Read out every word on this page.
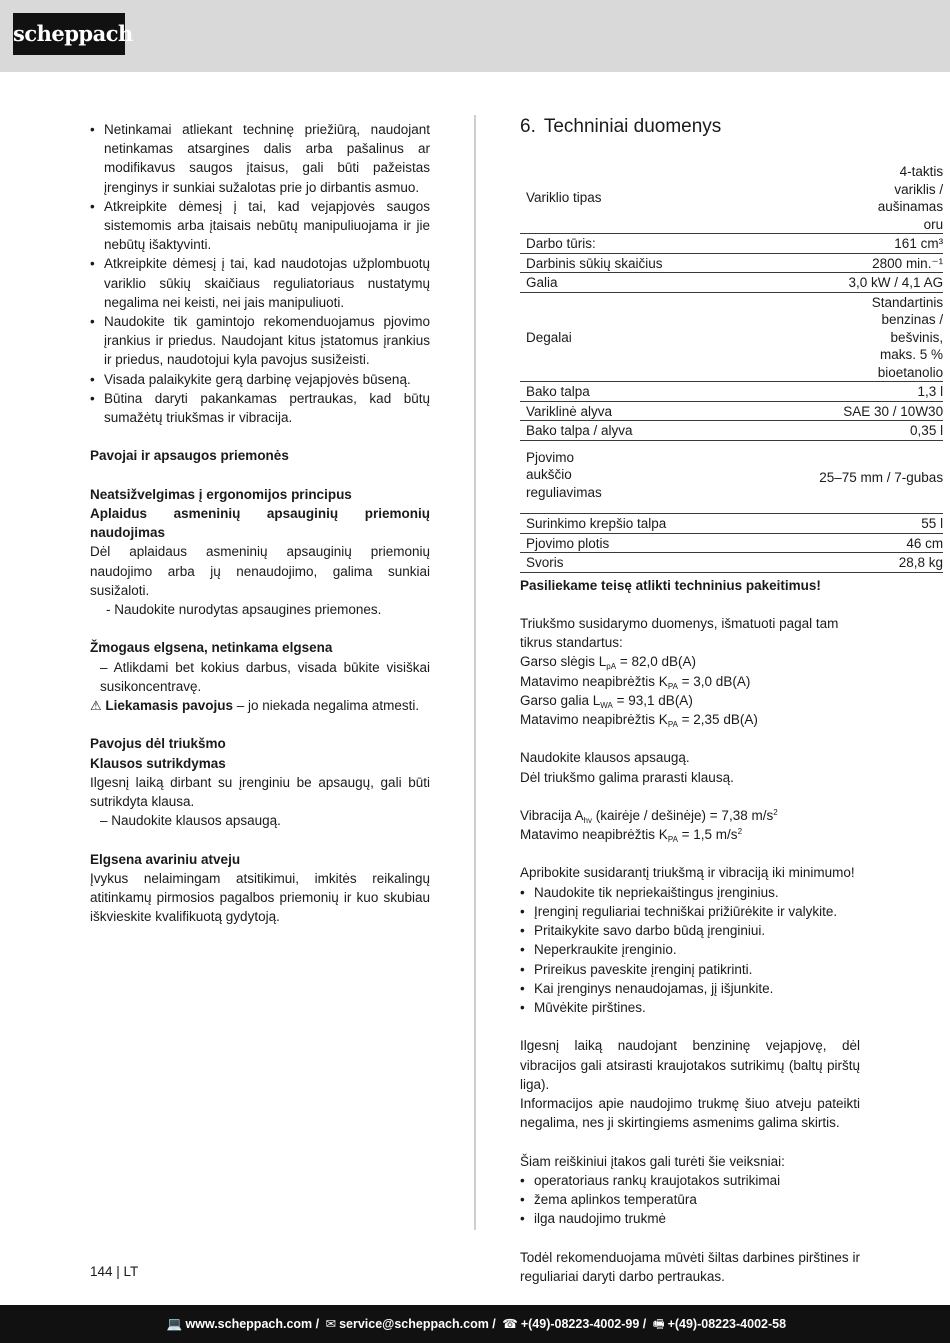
scheppach
• Netinkamai atliekant techninę priežiūrą, naudojant netinkamas atsargines dalis arba pašalinus ar modifikavus saugos įtaisus, gali būti pažeistas įrenginys ir sunkiai sužalotas prie jo dirbantis asmuo.
• Atkreipkite dėmesį į tai, kad vejapjovės saugos sistemomis arba įtaisais nebūtų manipuliuojama ir jie nebūtų išaktyvinti.
• Atkreipkite dėmesį į tai, kad naudotojas užplombuotų variklio sūkių skaičiaus reguliatoriaus nustatymų negalima nei keisti, nei jais manipuliuoti.
• Naudokite tik gamintojo rekomenduojamus pjovimo įrankius ir priedus. Naudojant kitus įstatomus įrankius ir priedus, naudotojui kyla pavojus susižeisti.
• Visada palaikykite gerą darbinę vejapjovės būseną.
• Būtina daryti pakankamas pertraukas, kad būtų sumažėtų triukšmas ir vibracija.

Pavojai ir apsaugos priemonės

Neatsižvelgimas į ergonomijos principus

Aplaidus asmeninių apsauginių priemonių naudojimas

Dėl aplaidaus asmeninių apsauginių priemonių naudojimo arba jų nenaudojimo, galima sunkiai susižaloti.

- Naudokite nurodytas apsaugines priemones.

Žmogaus elgsena, netinkama elgsena

– Atlikdami bet kokius darbus, visada būkite visiškai susikoncentravę.

⚠ Liekamasis pavojus – jo niekada negalima atmesti.

Pavojus dėl triukšmo

Klausos sutrikdymas

Ilgesnį laiką dirbant su įrenginiu be apsaugų, gali būti sutrikdyta klausa.

– Naudokite klausos apsaugą.

Elgsena avariniu atveju

Įvykus nelaimingam atsitikimui, imkitės reikalingų atitinkamų pirmosios pagalbos priemonių ir kuo skubiau iškvieskite kvalifikuotą gydytoją.

6. Techniniai duomenys
Variklio tipas	4-taktis variklis / aušinamas oru
Darbo tūris:	161 cm³
Darbinis sūkių skaičius	2800 min.⁻¹
Galia	3,0 kW / 4,1 AG
Degalai	Standartinis benzinas / bešvinis, maks. 5 % bioetanolio
Bako talpa	1,3 l
Variklinė alyva	SAE 30 / 10W30
Bako talpa / alyva	0,35 l
Pjovimo aukščio reguliavimas	25–75 mm / 7-gubas
Surinkimo krepšio talpa	55 l
Pjovimo plotis	46 cm
Svoris	28,8 kg

Pasiliekame teisę atlikti techninius pakeitimus!

Triukšmo susidarymo duomenys, išmatuoti pagal tam tikrus standartus:

Garso slėgis $L_{pA} = 82,0$ dB(A)

Matavimo neapibrėžtis $K_{PA} = 3,0$ dB(A)

Garso galia $L_{WA} = 93,1$ dB(A)

Matavimo neapibrėžtis $K_{PA} = 2,35$ dB(A)

Naudokite klausos apsaugą.

Dėl triukšmo galima prarasti klausą.

Vibracija $A_{hv}$ (kairėje / dešinėje) = 7,38 $m/s^2$

Matavimo neapibrėžtis $K_{PA} = 1,5$ $m/s^2$

Apribokite susidarantį triukšmą ir vibraciją iki minimumo!

• Naudokite tik nepriekaištingus įrenginius.
• Įrenginį reguliariai techniškai prižiūrėkite ir valykite.
• Pritaikykite savo darbo būdą įrenginiui.
• Neperkraukite įrenginio.
• Prireikus paveskite įrenginį patikrinti.
• Kai įrenginys nenaudojamas, jį išjunkite.
• Mūvėkite pirštines.

Ilgesnį laiką naudojant benzininę vejapjovę, dėl vibracijos gali atsirasti kraujotakos sutrikimų (baltų pirštų liga).

Informacijos apie naudojimo trukmę šiuo atveju pateikti negalima, nes ji skirtingiems asmenims galima skirtis.

Šiam reiškiniui įtakos gali turėti šie veiksniai:

• operatoriaus rankų kraujotakos sutrikimai
• žema aplinkos temperatūra
• ilga naudojimo trukmė

Todėl rekomenduojama mūvėti šiltas darbines pirštines ir reguliariai daryti darbo pertraukas.

144 | LT
💻 www.scheppach.com / ✉ service@scheppach.com / ☎ +(49)-08223-4002-99 / 🖷 +(49)-08223-4002-58
